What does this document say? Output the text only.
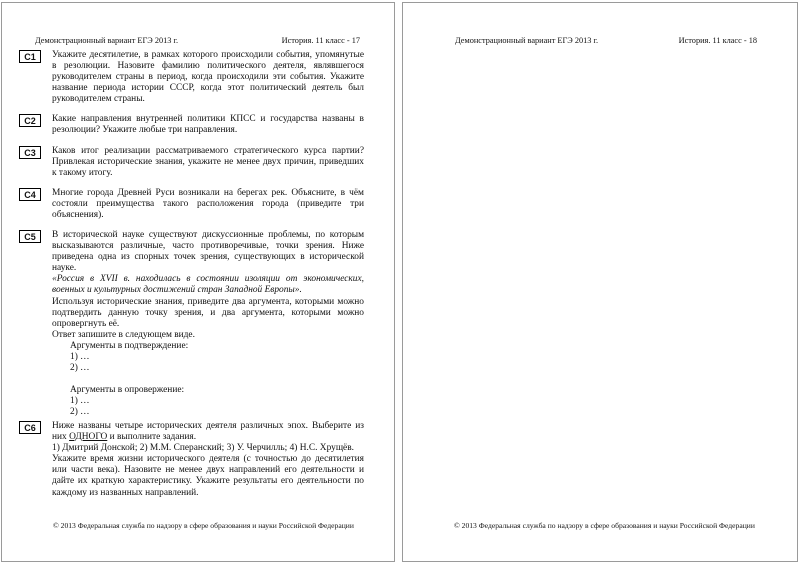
Демонстрационный вариант ЕГЭ 2013 г.	История. 11 класс - 17
С1	Укажите десятилетие, в рамках которого происходили события, упомянутые в резолюции. Назовите фамилию политического деятеля, являвшегося руководителем страны в период, когда происходили эти события. Укажите название периода истории СССР, когда этот политический деятель был руководителем страны.
С2	Какие направления внутренней политики КПСС и государства названы в резолюции? Укажите любые три направления.
С3	Каков итог реализации рассматриваемого стратегического курса партии? Привлекая исторические знания, укажите не менее двух причин, приведших к такому итогу.
С4	Многие города Древней Руси возникали на берегах рек. Объясните, в чём состояли преимущества такого расположения города (приведите три объяснения).
С5	В исторической науке существуют дискуссионные проблемы, по которым высказываются различные, часто противоречивые, точки зрения. Ниже приведена одна из спорных точек зрения, существующих в исторической науке.

«Россия в XVII в. находилась в состоянии изоляции от экономических, военных и культурных достижений стран Западной Европы».

Используя исторические знания, приведите два аргумента, которыми можно подтвердить данную точку зрения, и два аргумента, которыми можно опровергнуть её.

Ответ запишите в следующем виде.

Аргументы в подтверждение:

1) …

2) …

Аргументы в опровержение:

1) …

2) …

С6	Ниже названы четыре исторических деятеля различных эпох. Выберите из них ОДНОГО и выполните задания.

1) Дмитрий Донской; 2) М.М. Сперанский; 3) У. Черчилль; 4) Н.С. Хрущёв.

Укажите время жизни исторического деятеля (с точностью до десятилетия или части века). Назовите не менее двух направлений его деятельности и дайте их краткую характеристику. Укажите результаты его деятельности по каждому из названных направлений.

© 2013 Федеральная служба по надзору в сфере образования и науки Российской Федерации
Демонстрационный вариант ЕГЭ 2013 г.	История. 11 класс - 18
© 2013 Федеральная служба по надзору в сфере образования и науки Российской Федерации
